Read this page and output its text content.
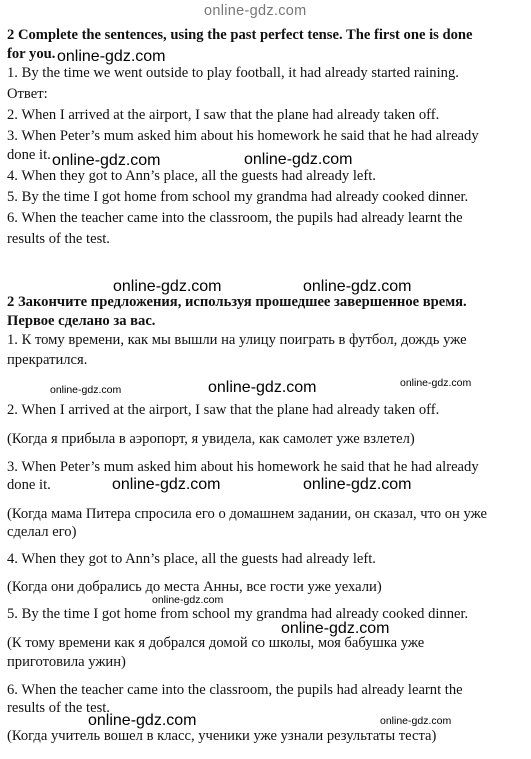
online-gdz.com
2 Complete the sentences, using the past perfect tense. The first one is done
for you.
1. By the time we went outside to play football, it had already started raining.
Ответ:
2. When I arrived at the airport, I saw that the plane had already taken off.
3. When Peter’s mum asked him about his homework he said that he had already
done it.
4. When they got to Ann’s place, all the guests had already left.
5. By the time I got home from school my grandma had already cooked dinner.
6. When the teacher came into the classroom, the pupils had already learnt the
results of the test.
2 Закончите предложения, используя прошедшее завершенное время.
Первое сделано за вас.
1. К тому времени, как мы вышли на улицу поиграть в футбол, дождь уже
прекратился.
2. When I arrived at the airport, I saw that the plane had already taken off.
(Когда я прибыла в аэропорт, я увидела, как самолет уже взлетел)
3. When Peter’s mum asked him about his homework he said that he had already
done it.
(Когда мама Питера спросила его о домашнем задании, он сказал, что он уже
сделал его)
4. When they got to Ann’s place, all the guests had already left.
(Когда они добрались до места Анны, все гости уже уехали)
5. By the time I got home from school my grandma had already cooked dinner.
(К тому времени как я добрался домой со школы, моя бабушка уже
приготовила ужин)
6. When the teacher came into the classroom, the pupils had already learnt the
results of the test.
(Когда учитель вошел в класс, ученики уже узнали результаты теста)
online-gdz.com
online-gdz.com	online-gdz.com
online-gdz.com	online-gdz.com
online-gdz.com	online-gdz.com	online-gdz.com
online-gdz.com	online-gdz.com
online-gdz.com
online-gdz.com
online-gdz.com	online-gdz.com
